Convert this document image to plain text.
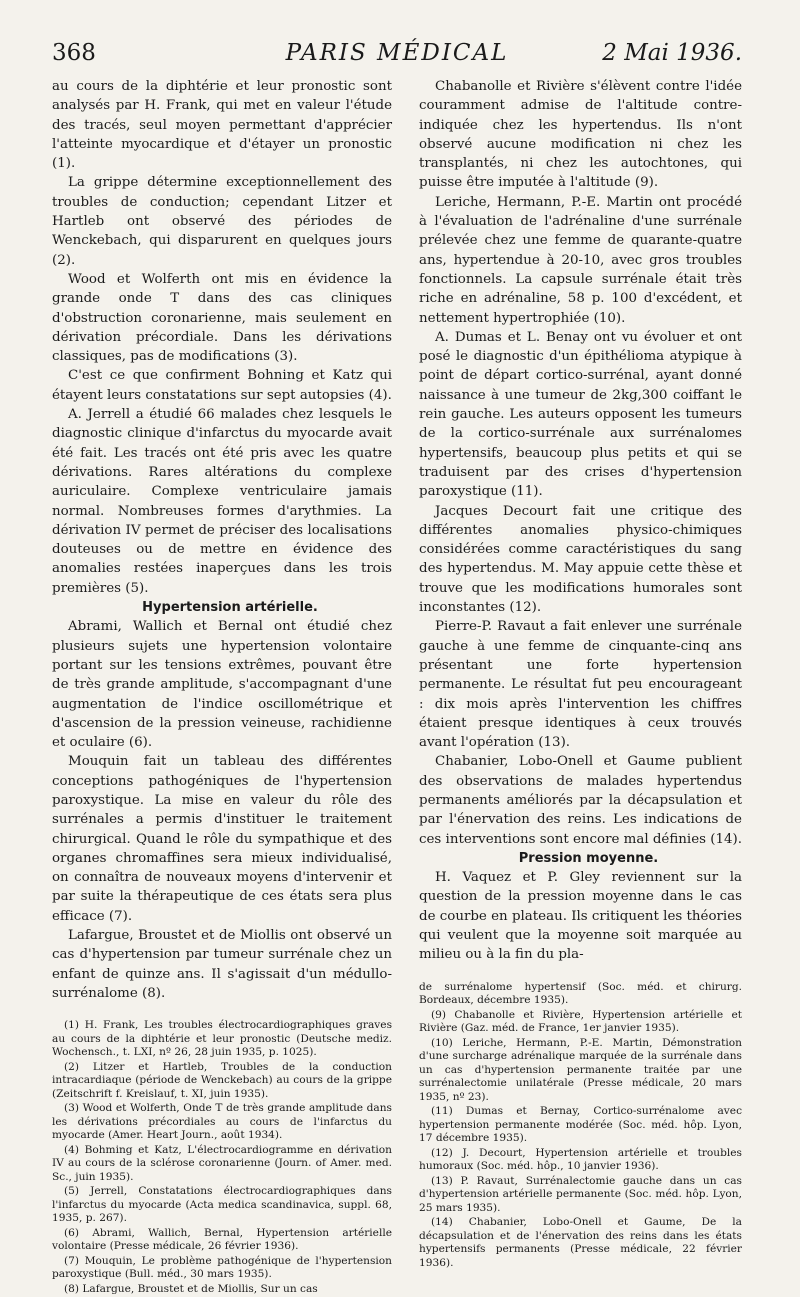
368	PARIS MÉDICAL	2 Mai 1936.

au cours de la diphtérie et leur pronostic sont analysés par H. Frank, qui met en valeur l'étude des tracés, seul moyen permettant d'apprécier l'atteinte myocardique et d'étayer un pronostic (1).

La grippe détermine exceptionnellement des troubles de conduction; cependant Litzer et Hartleb ont observé des périodes de Wenckebach, qui disparurent en quelques jours (2).

Wood et Wolferth ont mis en évidence la grande onde T dans des cas cliniques d'obstruction coronarienne, mais seulement en dérivation précordiale. Dans les dérivations classiques, pas de modifications (3).

C'est ce que confirment Bohning et Katz qui étayent leurs constatations sur sept autopsies (4).

A. Jerrell a étudié 66 malades chez lesquels le diagnostic clinique d'infarctus du myocarde avait été fait. Les tracés ont été pris avec les quatre dérivations. Rares altérations du complexe auriculaire. Complexe ventriculaire jamais normal. Nombreuses formes d'arythmies. La dérivation IV permet de préciser des localisations douteuses ou de mettre en évidence des anomalies restées inaperçues dans les trois premières (5).

Hypertension artérielle.

Abrami, Wallich et Bernal ont étudié chez plusieurs sujets une hypertension volontaire portant sur les tensions extrêmes, pouvant être de très grande amplitude, s'accompagnant d'une augmentation de l'indice oscillométrique et d'ascension de la pression veineuse, rachidienne et oculaire (6).

Mouquin fait un tableau des différentes conceptions pathogéniques de l'hypertension paroxystique. La mise en valeur du rôle des surrénales a permis d'instituer le traitement chirurgical. Quand le rôle du sympathique et des organes chromaffines sera mieux individualisé, on connaîtra de nouveaux moyens d'intervenir et par suite la thérapeutique de ces états sera plus efficace (7).

Lafargue, Broustet et de Miollis ont observé un cas d'hypertension par tumeur surrénale chez un enfant de quinze ans. Il s'agissait d'un médullo-surrénalome (8).

(1) H. Frank, Les troubles électrocardiographiques graves au cours de la diphtérie et leur pronostic (Deutsche mediz. Wochensch., t. LXI, nº 26, 28 juin 1935, p. 1025).

(2) Litzer et Hartleb, Troubles de la conduction intracardiaque (période de Wenckebach) au cours de la grippe (Zeitschrift f. Kreislauf, t. XI, juin 1935).

(3) Wood et Wolferth, Onde T de très grande amplitude dans les dérivations précordiales au cours de l'infarctus du myocarde (Amer. Heart Journ., août 1934).

(4) Bohming et Katz, L'électrocardiogramme en dérivation IV au cours de la sclérose coronarienne (Journ. of Amer. med. Sc., juin 1935).

(5) Jerrell, Constatations électrocardiographiques dans l'infarctus du myocarde (Acta medica scandinavica, suppl. 68, 1935, p. 267).

(6) Abrami, Wallich, Bernal, Hypertension artérielle volontaire (Presse médicale, 26 février 1936).

(7) Mouquin, Le problème pathogénique de l'hypertension paroxystique (Bull. méd., 30 mars 1935).

(8) Lafargue, Broustet et de Miollis, Sur un cas

Chabanolle et Rivière s'élèvent contre l'idée couramment admise de l'altitude contre-indiquée chez les hypertendus. Ils n'ont observé aucune modification ni chez les transplantés, ni chez les autochtones, qui puisse être imputée à l'altitude (9).

Leriche, Hermann, P.-E. Martin ont procédé à l'évaluation de l'adrénaline d'une surrénale prélevée chez une femme de quarante-quatre ans, hypertendue à 20-10, avec gros troubles fonctionnels. La capsule surrénale était très riche en adrénaline, 58 p. 100 d'excédent, et nettement hypertrophiée (10).

A. Dumas et L. Benay ont vu évoluer et ont posé le diagnostic d'un épithélioma atypique à point de départ cortico-surrénal, ayant donné naissance à une tumeur de 2kg,300 coiffant le rein gauche. Les auteurs opposent les tumeurs de la cortico-surrénale aux surrénalomes hypertensifs, beaucoup plus petits et qui se traduisent par des crises d'hypertension paroxystique (11).

Jacques Decourt fait une critique des différentes anomalies physico-chimiques considérées comme caractéristiques du sang des hypertendus. M. May appuie cette thèse et trouve que les modifications humorales sont inconstantes (12).

Pierre-P. Ravaut a fait enlever une surrénale gauche à une femme de cinquante-cinq ans présentant une forte hypertension permanente. Le résultat fut peu encourageant : dix mois après l'intervention les chiffres étaient presque identiques à ceux trouvés avant l'opération (13).

Chabanier, Lobo-Onell et Gaume publient des observations de malades hypertendus permanents améliorés par la décapsulation et par l'énervation des reins. Les indications de ces interventions sont encore mal définies (14).

Pression moyenne.

H. Vaquez et P. Gley reviennent sur la question de la pression moyenne dans le cas de courbe en plateau. Ils critiquent les théories qui veulent que la moyenne soit marquée au milieu ou à la fin du pla-

de surrénalome hypertensif (Soc. méd. et chirurg. Bordeaux, décembre 1935).

(9) Chabanolle et Rivière, Hypertension artérielle et Rivière (Gaz. méd. de France, 1er janvier 1935).

(10) Leriche, Hermann, P.-E. Martin, Démonstration d'une surcharge adrénalique marquée de la surrénale dans un cas d'hypertension permanente traitée par une surrénalectomie unilatérale (Presse médicale, 20 mars 1935, nº 23).

(11) Dumas et Bernay, Cortico-surrénalome avec hypertension permanente modérée (Soc. méd. hôp. Lyon, 17 décembre 1935).

(12) J. Decourt, Hypertension artérielle et troubles humoraux (Soc. méd. hôp., 10 janvier 1936).

(13) P. Ravaut, Surrénalectomie gauche dans un cas d'hypertension artérielle permanente (Soc. méd. hôp. Lyon, 25 mars 1935).

(14) Chabanier, Lobo-Onell et Gaume, De la décapsulation et de l'énervation des reins dans les états hypertensifs permanents (Presse médicale, 22 février 1936).
